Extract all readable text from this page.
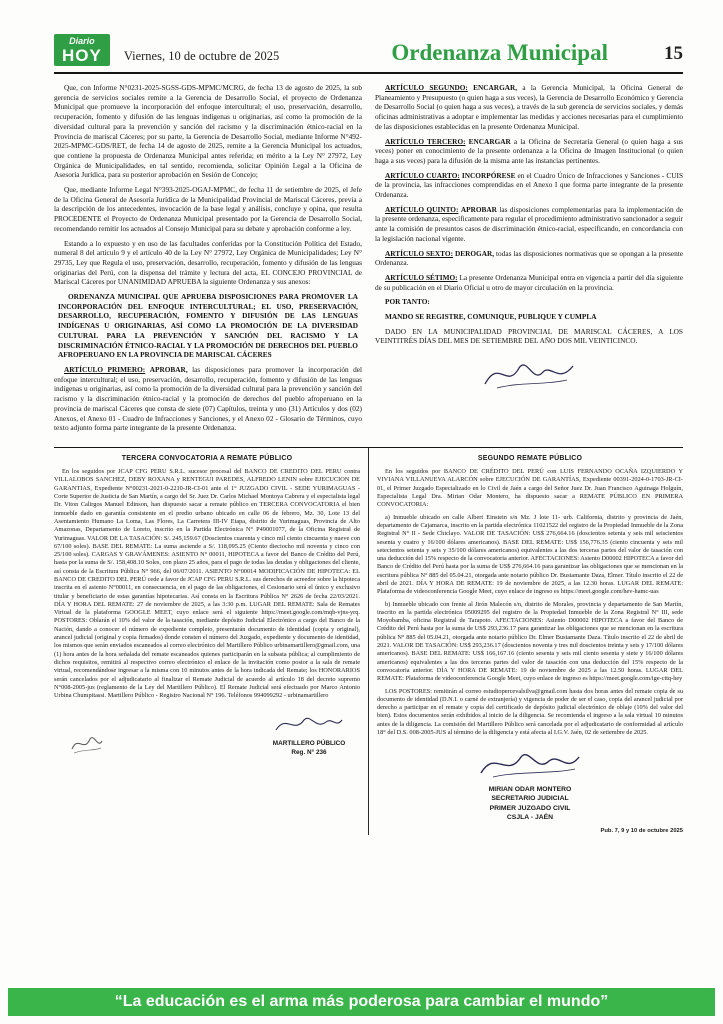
Diario
HOY Viernes, 10 de octubre de 2025	Ordenanza Municipal	15

Que, con Informe N°0231-2025-SGSS-GDS-MPMC/MCRG, de fecha 13 de agosto de 2025, la sub gerencia de servicios sociales remite a la Gerencia de Desarrollo Social, el proyecto de Ordenanza Municipal que promueve la incorporación del enfoque intercultural; el uso, preservación, desarrollo, recuperación, fomento y difusión de las lenguas indígenas u originarias, así como la promoción de la diversidad cultural para la prevención y sanción del racismo y la discriminación étnico-racial en la Provincia de mariscal Cáceres; por su parte, la Gerencia de Desarrollo Social, mediante Informe N°492-2025-MPMC-GDS/RET, de fecha 14 de agosto de 2025, remite a la Gerencia Municipal los actuados, que contiene la propuesta de Ordenanza Municipal antes referida; en mérito a la Ley N° 27972, Ley Orgánica de Municipalidades, en tal sentido, recomienda, solicitar Opinión Legal a la Oficina de Asesoría Jurídica, para su posterior aprobación en Sesión de Concejo;

Que, mediante Informe Legal N°393-2025-OGAJ-MPMC, de fecha 11 de setiembre de 2025, el Jefe de la Oficina General de Asesoría Jurídica de la Municipalidad Provincial de Mariscal Cáceres, previa a la descripción de los antecedentes, invocación de la base legal y análisis, concluye y opina, que resulta PROCEDENTE el Proyecto de Ordenanza Municipal presentado por la Gerencia de Desarrollo Social, recomendando remitir los actuados al Consejo Municipal para su debate y aprobación conforme a ley.

Estando a lo expuesto y en uso de las facultades conferidas por la Constitución Política del Estado, numeral 8 del artículo 9 y el artículo 40 de la Ley N° 27972, Ley Orgánica de Municipalidades; Ley N° 29735, Ley que Regula el uso, preservación, desarrollo, recuperación, fomento y difusión de las lenguas originarias del Perú, con la dispensa del trámite y lectura del acta, EL CONCEJO PROVINCIAL de Mariscal Cáceres por UNANIMIDAD APRUEBA la siguiente Ordenanza y sus anexos:

ORDENANZA MUNICIPAL QUE APRUEBA DISPOSICIONES PARA PROMOVER LA INCORPORACIÓN DEL ENFOQUE INTERCULTURAL; EL USO, PRESERVACIÓN, DESARROLLO, RECUPERACIÓN, FOMENTO Y DIFUSIÓN DE LAS LENGUAS INDÍGENAS U ORIGINARIAS, ASÍ COMO LA PROMOCIÓN DE LA DIVERSIDAD CULTURAL PARA LA PREVENCIÓN Y SANCIÓN DEL RACISMO Y LA DISCRIMINACIÓN ÉTNICO-RACIAL Y LA PROMOCIÓN DE DERECHOS DEL PUEBLO AFROPERUANO EN LA PROVINCIA DE MARISCAL CÁCERES

ARTÍCULO PRIMERO: APROBAR, las disposiciones para promover la incorporación del enfoque intercultural; el uso, preservación, desarrollo, recuperación, fomento y difusión de las lenguas indígenas u originarias, así como la promoción de la diversidad cultural para la prevención y sanción del racismo y la discriminación étnico-racial y la promoción de derechos del pueblo afroperuano en la provincia de mariscal Cáceres que consta de siete (07) Capítulos, treinta y uno (31) Artículos y dos (02) Anexos, el Anexo 01 - Cuadro de Infracciones y Sanciones, y el Anexo 02 - Glosario de Términos, cuyo texto adjunto forma parte integrante de la presente Ordenanza.

ARTÍCULO SEGUNDO: ENCARGAR, a la Gerencia Municipal, la Oficina General de Planeamiento y Presupuesto (o quien haga a sus veces), la Gerencia de Desarrollo Económico y Gerencia de Desarrollo Social (o quien haga a sus veces), a través de la sub gerencia de servicios sociales, y demás oficinas administrativas a adoptar e implementar las medidas y acciones necesarias para el cumplimiento de las disposiciones establecidas en la presente Ordenanza Municipal.

ARTÍCULO TERCERO: ENCARGAR a la Oficina de Secretaría General (o quien haga a sus veces) poner en conocimiento de la presente ordenanza a la Oficina de Imagen Institucional (o quien haga a sus veces) para la difusión de la misma ante las instancias pertinentes.

ARTÍCULO CUARTO: INCORPÓRESE en el Cuadro Único de Infracciones y Sanciones - CUIS de la provincia, las infracciones comprendidas en el Anexo I que forma parte integrante de la presente Ordenanza.

ARTÍCULO QUINTO: APROBAR las disposiciones complementarias para la implementación de la presente ordenanza, específicamente para regular el procedimiento administrativo sancionador a seguir ante la comisión de presuntos casos de discriminación étnico-racial, específicando, en concordancia con la legislación nacional vigente.

ARTÍCULO SEXTO: DEROGAR, todas las disposiciones normativas que se opongan a la presente Ordenanza.

ARTÍCULO SÉTIMO: La presente Ordenanza Municipal entra en vigencia a partir del día siguiente de su publicación en el Diario Oficial u otro de mayor circulación en la provincia.

POR TANTO:

MANDO SE REGISTRE, COMUNIQUE, PUBLIQUE Y CUMPLA

DADO EN LA MUNICIPALIDAD PROVINCIAL DE MARISCAL CÁCERES, A LOS VEINTITRÉS DÍAS DEL MES DE SETIEMBRE DEL AÑO DOS MIL VEINTICINCO.

TERCERA CONVOCATORIA A REMATE PÚBLICO

En los seguidos por JCAP CFG PERU S.R.L. sucesor procesal del BANCO DE CREDITO DEL PERU contra VILLALOBOS SANCHEZ, DEBY ROXANA y RENTEGUI PAREDES, ALFREDO LENIN sobre EJECUCION DE GARANTIAS, Expediente N°00231-2021-0-2210-JR-CI-01 ante el 1° JUZGADO CIVIL - SEDE YURIMAGUAS - Corte Superior de Justicia de San Martín, a cargo del Sr. Juez Dr. Carlos Michael Montoya Cabrera y el especialista legal Dr. Viton Calirgos Manuel Edinson, han dispuesto sacar a remate público en TERCERA CONVOCATORIA el bien inmueble dado en garantía consistente en el predio urbano ubicado en calle 06 de febrero, Mz. 30, Lote 13 del Asentamiento Humano La Loma, Las Flores, La Carretera III-IV Etapa, distrito de Yurimaguas, Provincia de Alto Amazonas, Departamento de Loreto, inscrito en la Partida Electrónica N° P49001077, de la Oficina Registral de Yurimaguas. VALOR DE LA TASACIÓN: S/. 245,159.67 (Doscientos cuarenta y cinco mil ciento cincuenta y nueve con 67/100 soles). BASE DEL REMATE: La suma asciende a S/. 118,095.25 (Ciento dieciocho mil noventa y cinco con 25/100 soles). CARGAS Y GRAVÁMENES: ASIENTO N° 00011, HIPOTECA a favor del Banco de Crédito del Perú, hasta por la suma de S/. 158,408.10 Soles, con plazo 25 años, para el pago de todas las deudas y obligaciones del cliente, así consta de la Escritura Pública N° 966, del 06/07/2011. ASIENTO N°00014 MODIFICACIÓN DE HIPOTECA: EL BANCO DE CREDITO DEL PERÚ cede a favor de JCAP CFG PERU S.R.L. sus derechos de acreedor sobre la hipoteca inscrita en el asiento N°00011, en consecuencia, en el pago de las obligaciones, el Cesionario será el único y exclusivo titular y beneficiario de estas garantías hipotecarias. Así consta en la Escritura Pública N° 2626 de fecha 22/03/2021. DÍA Y HORA DEL REMATE: 27 de noviembre de 2025, a las 3:30 p.m. LUGAR DEL REMATE: Sala de Remates Virtual de la plataforma GOOGLE MEET, cuyo enlace será el siguiente https://meet.google.com/mqb-vjns-yrq. POSTORES: Oblarán el 10% del valor de la tasación, mediante depósito Judicial Electrónico a cargo del Banco de la Nación, dando a conocer el número de expediente completo, presentarán documento de identidad (copia y original), arancel judicial (original y copia firmados) donde consten el número del Juzgado, expediente y documento de identidad, los mismos que serán enviados escaneados al correo electrónico del Martillero Público urbinamartillero@gmail.com, una (1) hora antes de la hora señalada del remate escaneados quienes participarán en la subasta pública; al cumplimiento de dichos requisitos, remitirá al respectivo correo electrónico el enlace de la invitación como postor a la sala de remate virtual, recomendándose ingresar a la misma con 10 minutos antes de la hora indicada del Remate; los HONORARIOS serán cancelados por el adjudicatario al finalizar el Remate Judicial de acuerdo al artículo 18 del decreto supremo N°008-2005-jus (reglamento de la Ley del Martillero Público). El Remate Judicial será efectuado por Marco Antonio Urbina Chumpitassi. Martillero Público - Registro Nacional N° 196. Teléfonos 994099292 - urbinamartillero

MARTILLERO PÚBLICO
Reg. N° 236
SEGUNDO REMATE PÚBLICO

En los seguidos por BANCO DE CRÉDITO DEL PERÚ con LUIS FERNANDO OCAÑA IZQUIERDO Y VIVIANA VILLANUEVA ALARCÓN sobre EJECUCIÓN DE GARANTÍAS, Expediente 00391-2024-0-1703-JR-CI-01, el Primer Juzgado Especializado en lo Civil de Jaén a cargo del Señor Juez Dr. Juan Francisco Aguinaga Holguín, Especialista Legal Dra. Mirian Odar Montero, ha dispuesto sacar a REMATE PÚBLICO EN PRIMERA CONVOCATORIA:

a) Inmueble ubicado en calle Albert Einstein s/n Mz. J lote 11- urb. California, distrito y provincia de Jaén, departamento de Cajamarca, inscrito en la partida electrónica 11021522 del registro de la Propiedad Inmueble de la Zona Registral N° II - Sede Chiclayo. VALOR DE TASACIÓN: US$ 276,664.16 (doscientos setenta y seis mil seiscientos sesenta y cuatro y 16/100 dólares americanos). BASE DEL REMATE: US$ 156,776.35 (ciento cincuenta y seis mil setecientos setenta y seis y 35/100 dólares americanos) equivalentes a las dos terceras partes del valor de tasación con una deducción del 15% respecto de la convocatoria anterior. AFECTACIONES: Asiento D00002 HIPOTECA a favor del Banco de Crédito del Perú hasta por la suma de US$ 276,664.16 para garantizar las obligaciones que se mencionan en la escritura pública N° 885 del 05.04.21, otorgada ante notario público Dr. Bustamante Daza, Elmer. Título inscrito el 22 de abril de 2021. DÍA Y HORA DE REMATE: 19 de noviembre de 2025, a las 12.30 horas. LUGAR DEL REMATE: Plataforma de videoconferencia Google Meet, cuyo enlace de ingreso es https://meet.google.com/hev-hamc-uas

b) Inmueble ubicado con frente al Jirón Malecón s/n, distrito de Morales, provincia y departamento de San Martín, inscrito en la partida electrónica 05009295 del registro de la Propiedad Inmueble de la Zona Registral N° III, sede Moyobamba, oficina Registral de Tarapoto. AFECTACIONES: Asiento D00002 HIPOTECA a favor del Banco de Crédito del Perú hasta por la suma de US$ 293,236.17 para garantizar las obligaciones que se mencionan en la escritura pública N° 885 del 05.04.21, otorgada ante notario público Dr. Elmer Bustamante Daza. Título inscrito el 22 de abril de 2021. VALOR DE TASACIÓN: US$ 293,236.17 (doscientos noventa y tres mil doscientos treinta y seis y 17/100 dólares americanos). BASE DEL REMATE: US$ 166,167.16 (ciento sesenta y seis mil ciento sesenta y siete y 16/100 dólares americanos) equivalentes a las dos terceras partes del valor de tasación con una deducción del 15% respecto de la convocatoria anterior. DÍA Y HORA DE REMATE: 19 de noviembre de 2025 a las 12.50 horas. LUGAR DEL REMATE: Plataforma de videoconferencia Google Meet, cuyo enlace de ingreso es https://meet.google.com/ige-cttq-hey

LOS POSTORES: remitirán al correo estudiopercevalsilva@gmail.com hasta dos horas antes del remate copia de su documento de identidad (D.N.I. o carné de extranjería) y vigencia de poder de ser el caso, copia del arancel judicial por derecho a participar en el remate y copia del certificado de depósito judicial electrónico de oblaje (10% del valor del bien). Estos documentos serán exhibidos al inicio de la diligencia. Se recomienda el ingreso a la sala virtual 10 minutos antes de la diligencia. La comisión del Martillero Público será cancelada por el adjudicatario de conformidad al artículo 18° del D.S. 008-2005-JUS al término de la diligencia y está afecta al I.G.V. Jaén, 02 de setiembre de 2025.

MIRIAN ODAR MONTERO
SECRETARIO JUDICIAL
PRIMER JUZGADO CIVIL
CSJLA - JAÉN
Pub. 7, 9 y 10 de octubre 2025
“La educación es el arma más poderosa para cambiar el mundo”
